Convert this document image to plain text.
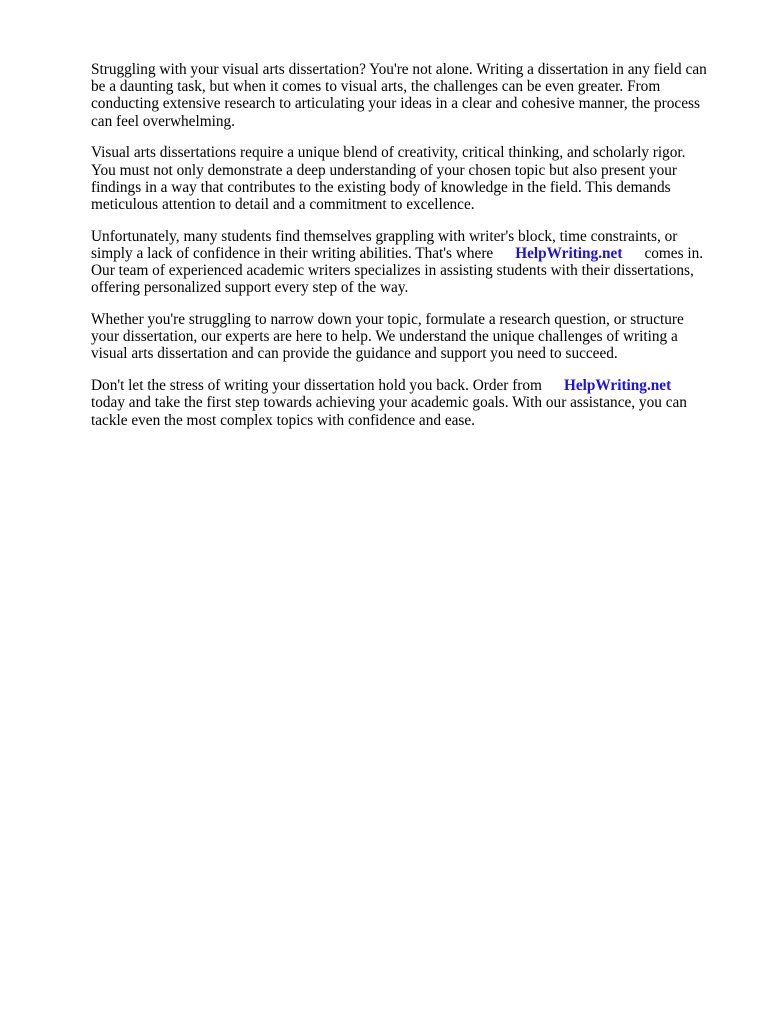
Struggling with your visual arts dissertation? You're not alone. Writing a dissertation in any field can
be a daunting task, but when it comes to visual arts, the challenges can be even greater. From
conducting extensive research to articulating your ideas in a clear and cohesive manner, the process
can feel overwhelming.

Visual arts dissertations require a unique blend of creativity, critical thinking, and scholarly rigor.
You must not only demonstrate a deep understanding of your chosen topic but also present your
findings in a way that contributes to the existing body of knowledge in the field. This demands
meticulous attention to detail and a commitment to excellence.

Unfortunately, many students find themselves grappling with writer's block, time constraints, or
simply a lack of confidence in their writing abilities. That's where HelpWriting.net comes in.
Our team of experienced academic writers specializes in assisting students with their dissertations,
offering personalized support every step of the way.

Whether you're struggling to narrow down your topic, formulate a research question, or structure
your dissertation, our experts are here to help. We understand the unique challenges of writing a
visual arts dissertation and can provide the guidance and support you need to succeed.

Don't let the stress of writing your dissertation hold you back. Order from HelpWriting.net
today and take the first step towards achieving your academic goals. With our assistance, you can
tackle even the most complex topics with confidence and ease.
